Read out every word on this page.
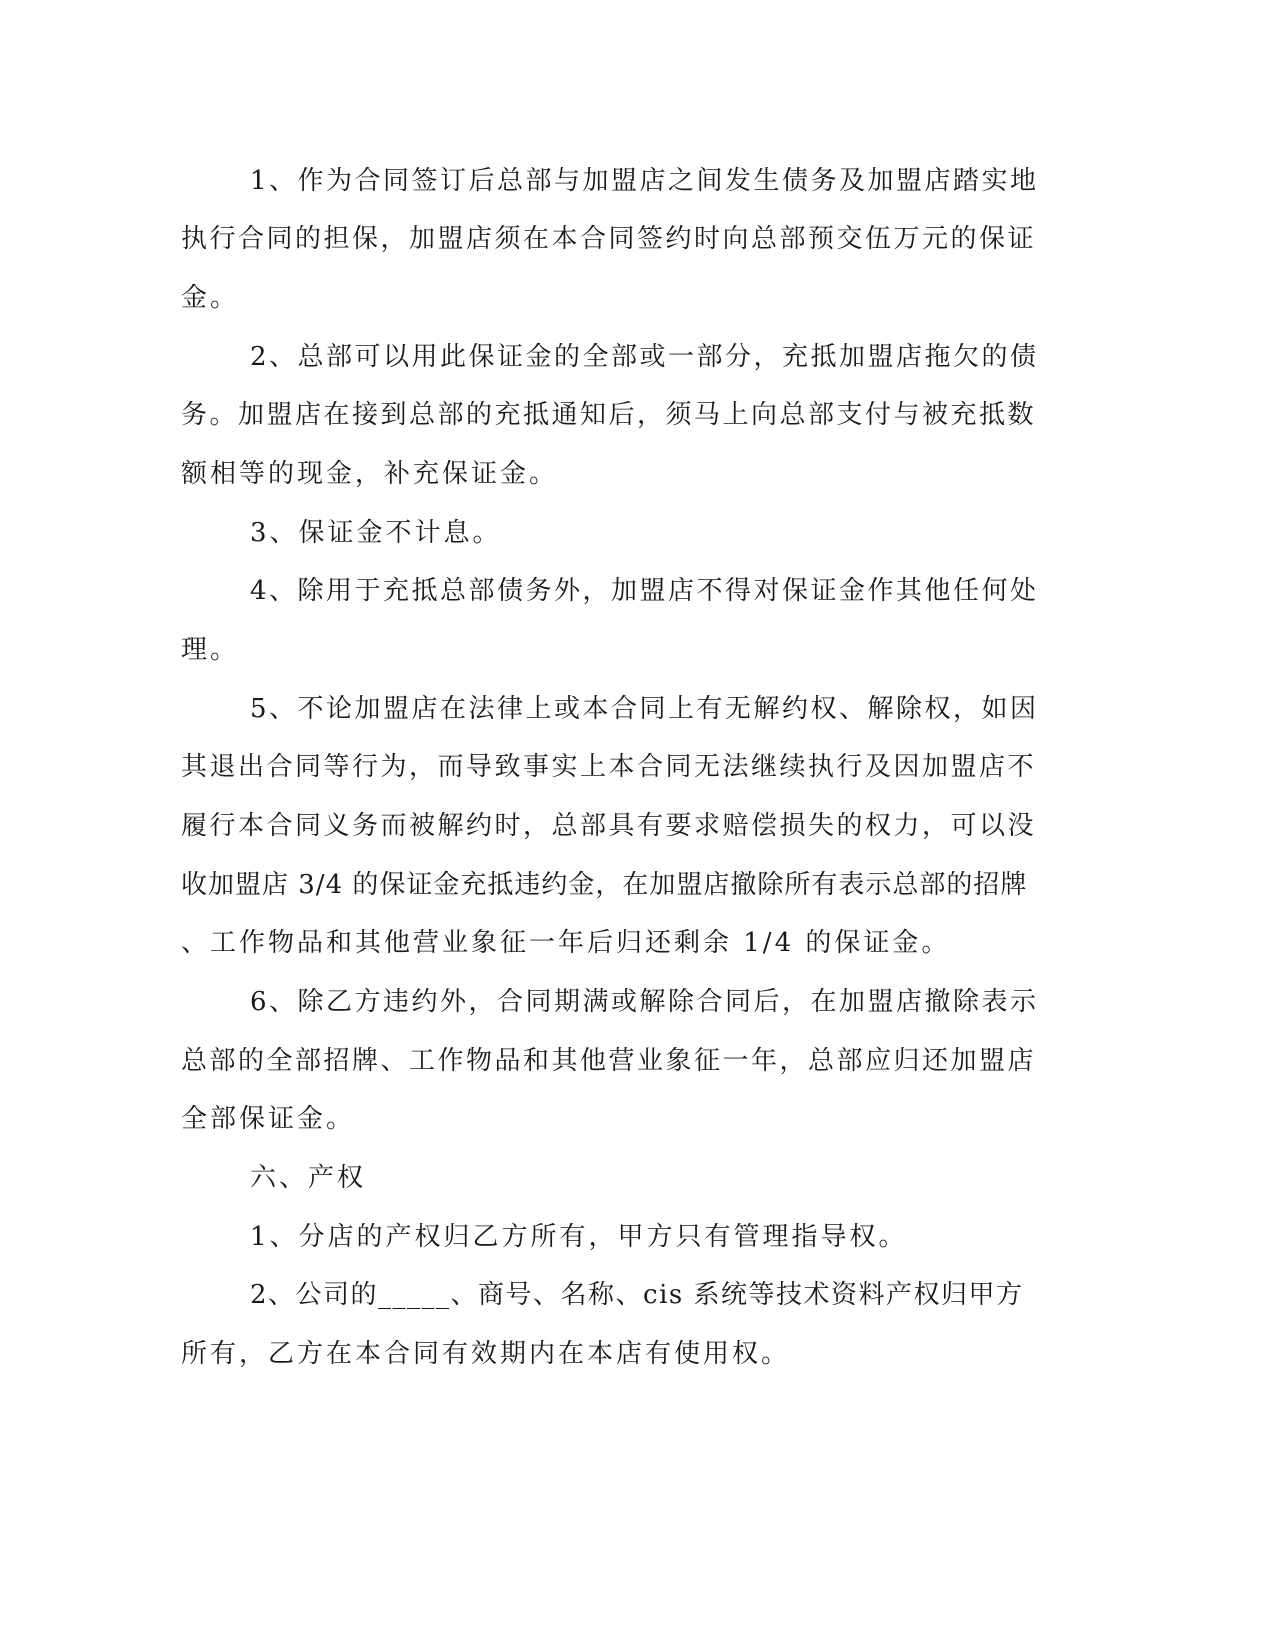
1、作为合同签订后总部与加盟店之间发生债务及加盟店踏实地

执行合同的担保，加盟店须在本合同签约时向总部预交伍万元的保证

金。

2、总部可以用此保证金的全部或一部分，充抵加盟店拖欠的债

务。加盟店在接到总部的充抵通知后，须马上向总部支付与被充抵数

额相等的现金，补充保证金。

3、保证金不计息。

4、除用于充抵总部债务外，加盟店不得对保证金作其他任何处

理。

5、不论加盟店在法律上或本合同上有无解约权、解除权，如因

其退出合同等行为，而导致事实上本合同无法继续执行及因加盟店不

履行本合同义务而被解约时，总部具有要求赔偿损失的权力，可以没

收加盟店 3/4 的保证金充抵违约金，在加盟店撤除所有表示总部的招牌

、工作物品和其他营业象征一年后归还剩余 1/4 的保证金。

6、除乙方违约外，合同期满或解除合同后，在加盟店撤除表示

总部的全部招牌、工作物品和其他营业象征一年，总部应归还加盟店

全部保证金。

六、产权

1、分店的产权归乙方所有，甲方只有管理指导权。

2、公司的_____、商号、名称、cis 系统等技术资料产权归甲方

所有，乙方在本合同有效期内在本店有使用权。
